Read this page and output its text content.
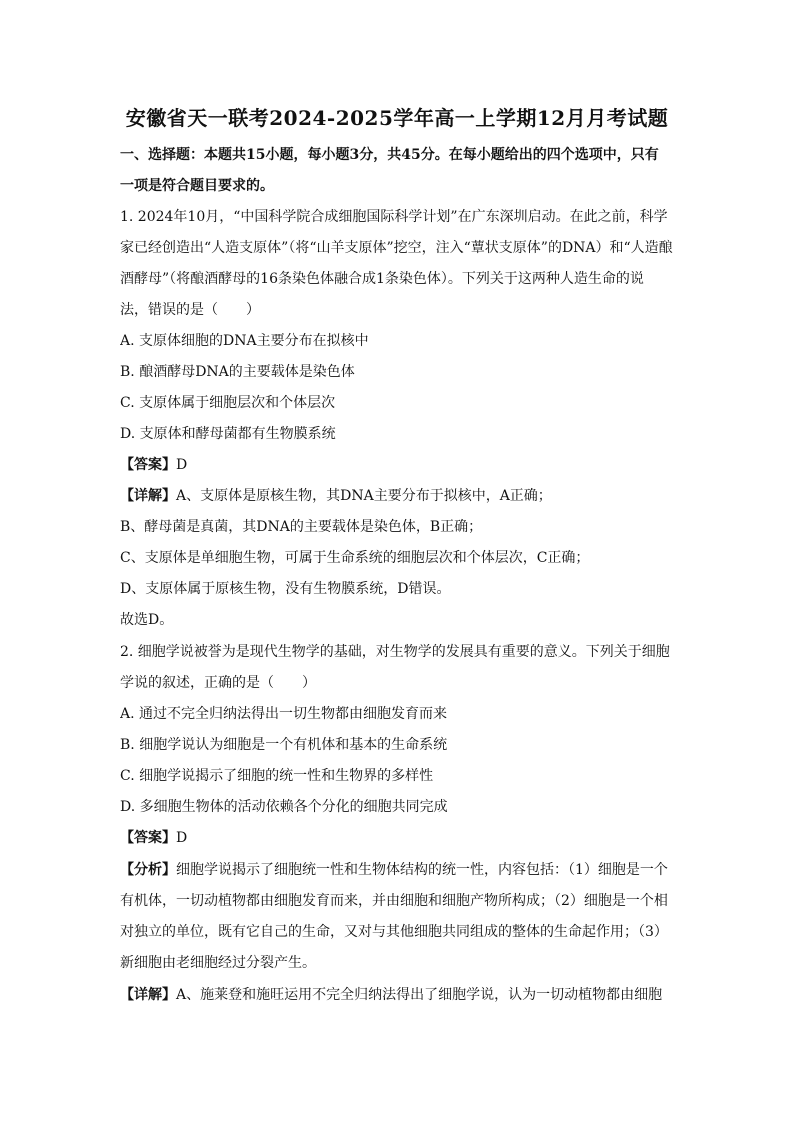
安徽省天一联考2024-2025学年高一上学期12月月考试题
一、选择题：本题共15小题，每小题3分，共45分。在每小题给出的四个选项中，只有
一项是符合题目要求的。
1. 2024年10月，“中国科学院合成细胞国际科学计划”在广东深圳启动。在此之前，科学
家已经创造出“人造支原体”（将“山羊支原体”挖空，注入“蕈状支原体”的DNA）和“人造酿
酒酵母”（将酿酒酵母的16条染色体融合成1条染色体）。下列关于这两种人造生命的说
法，错误的是（　　）
A. 支原体细胞的DNA主要分布在拟核中
B. 酿酒酵母DNA的主要载体是染色体
C. 支原体属于细胞层次和个体层次
D. 支原体和酵母菌都有生物膜系统
【答案】D
【详解】A、支原体是原核生物，其DNA主要分布于拟核中，A正确；
B、酵母菌是真菌，其DNA的主要载体是染色体，B正确；
C、支原体是单细胞生物，可属于生命系统的细胞层次和个体层次，C正确；
D、支原体属于原核生物，没有生物膜系统，D错误。
故选D。
2. 细胞学说被誉为是现代生物学的基础，对生物学的发展具有重要的意义。下列关于细胞
学说的叙述，正确的是（　　）
A. 通过不完全归纳法得出一切生物都由细胞发育而来
B. 细胞学说认为细胞是一个有机体和基本的生命系统
C. 细胞学说揭示了细胞的统一性和生物界的多样性
D. 多细胞生物体的活动依赖各个分化的细胞共同完成
【答案】D
【分析】细胞学说揭示了细胞统一性和生物体结构的统一性，内容包括：（1）细胞是一个
有机体，一切动植物都由细胞发育而来，并由细胞和细胞产物所构成；（2）细胞是一个相
对独立的单位，既有它自己的生命，又对与其他细胞共同组成的整体的生命起作用；（3）
新细胞由老细胞经过分裂产生。
【详解】A、施莱登和施旺运用不完全归纳法得出了细胞学说，认为一切动植物都由细胞
